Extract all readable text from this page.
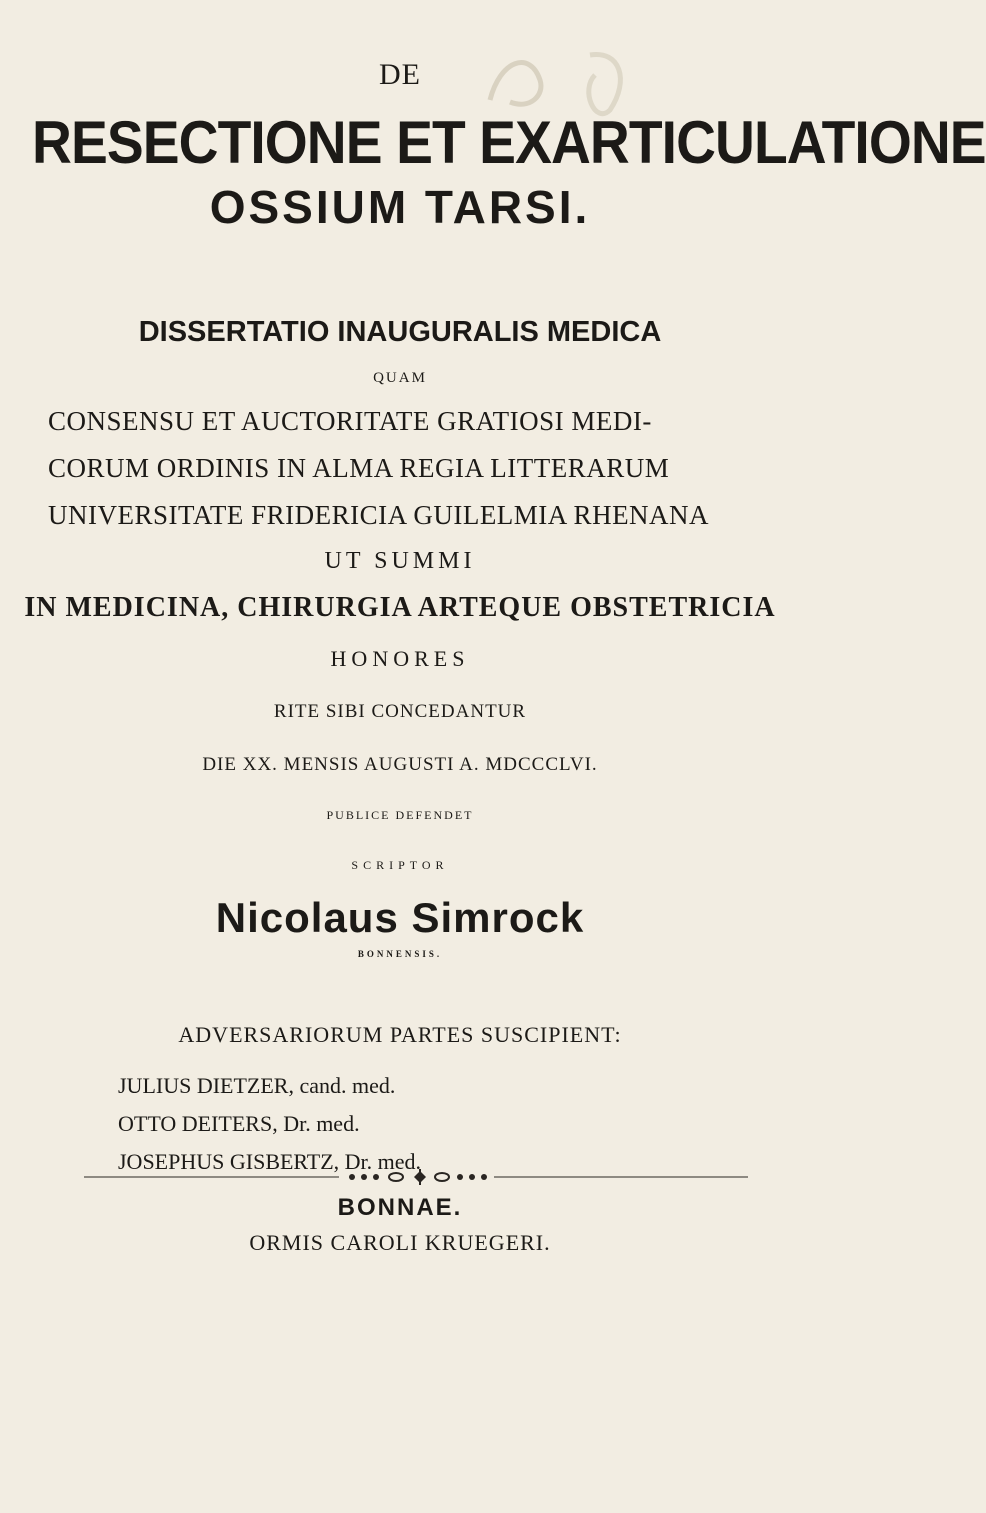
DE
RESECTIONE ET EXARTICULATIONE
OSSIUM TARSI.
DISSERTATIO INAUGURALIS MEDICA
QUAM
CONSENSU ET AUCTORITATE GRATIOSI MEDI-
CORUM ORDINIS IN ALMA REGIA LITTERARUM
UNIVERSITATE FRIDERICIA GUILELMIA RHENANA
UT SUMMI
IN MEDICINA, CHIRURGIA ARTEQUE OBSTETRICIA
HONORES
RITE SIBI CONCEDANTUR
DIE XX. MENSIS AUGUSTI A. MDCCCLVI.
PUBLICE DEFENDET
SCRIPTOR
Nicolaus Simrock
BONNENSIS.
ADVERSARIORUM PARTES SUSCIPIENT:
JULIUS DIETZER, cand. med.
OTTO DEITERS, Dr. med.
JOSEPHUS GISBERTZ, Dr. med.
BONNAE.
ORMIS CAROLI KRUEGERI.
